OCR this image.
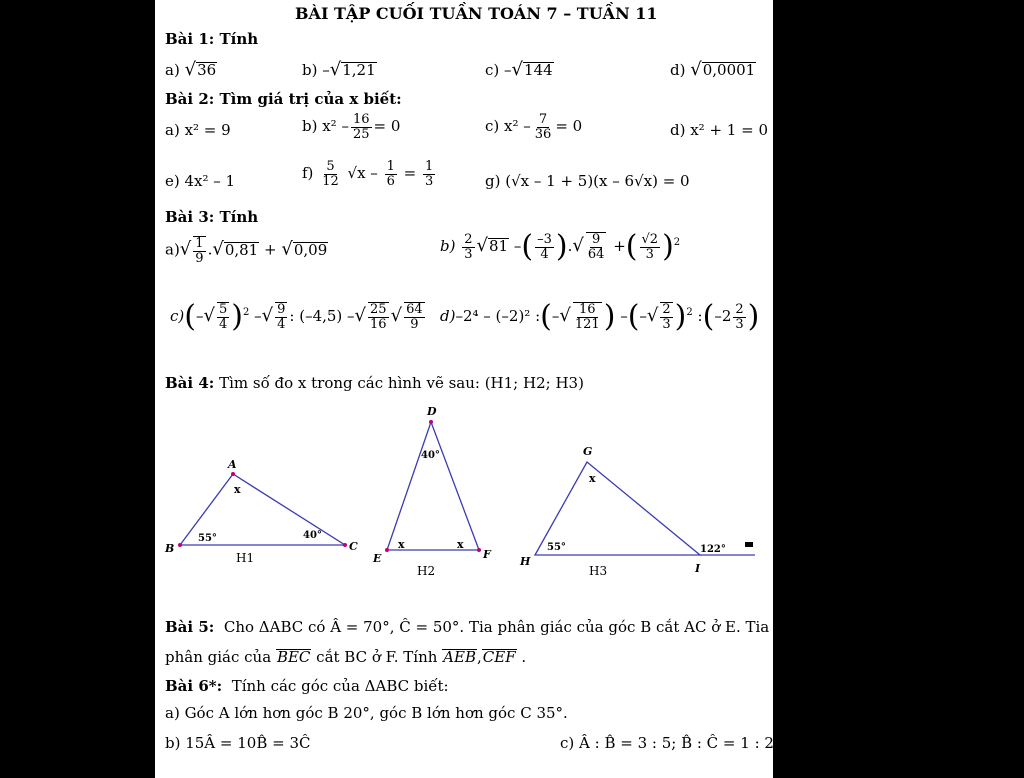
BÀI TẬP CUỐI TUẦN TOÁN 7 – TUẦN 11
Bài 1: Tính
a) √36	b) –√1,21	c) –√144	d) √0,0001
Bài 2: Tìm giá trị của x biết:
a) x² = 9	b) $x^2 - \frac{16}{25} = 0$	c) $x^2 - \frac{7}{36} = 0$	d) x² + 1 = 0
e) 4x² – 1	$f) \frac{5}{12} √x - \frac{1}{6} = \frac{1}{3}$	g) (√x – 1 + 5)(x – 6√x) = 0
Bài 3: Tính
$a)√ \frac{1}{9} .√0,81 + √0,09$	$b) \frac{2}{3} √81$ –( $\frac{-3}{4}$ ).√ $\frac{9}{64}$ +( $\frac{√2}{3} )^2$
$c)(-√ \frac{5}{4} )^2$ –√ $\frac{9}{4}$ : (–4,5) –√ $\frac{25}{16}$ √ $\frac{64}{9} d)-2^4 - (-2)^2$ :(–√ $\frac{16}{121}$ ) –(–√ $\frac{2}{3} )^2$ :(–2 $\frac{2}{3}$ )
Bài 4: Tìm số đo x trong các hình vẽ sau: (H1; H2; H3)
A
B	C
x
55°	40°
H1
D
E	F
40°
x	x
H2
G
H
I
x
55°	122°
H3
Bài 5: Cho ΔABC có Â = 70°, Ĉ = 50°. Tia phân giác của góc B cắt AC ở E. Tia
phân giác của BEC cắt BC ở F. Tính AEB,CEF .
Bài 6*: Tính các góc của ΔABC biết:
a) Góc A lớn hơn góc B 20°, góc B lớn hơn góc C 35°.
b) 15Â = 10B̂ = 3Ĉ	c) Â : B̂ = 3 : 5; B̂ : Ĉ = 1 : 2
